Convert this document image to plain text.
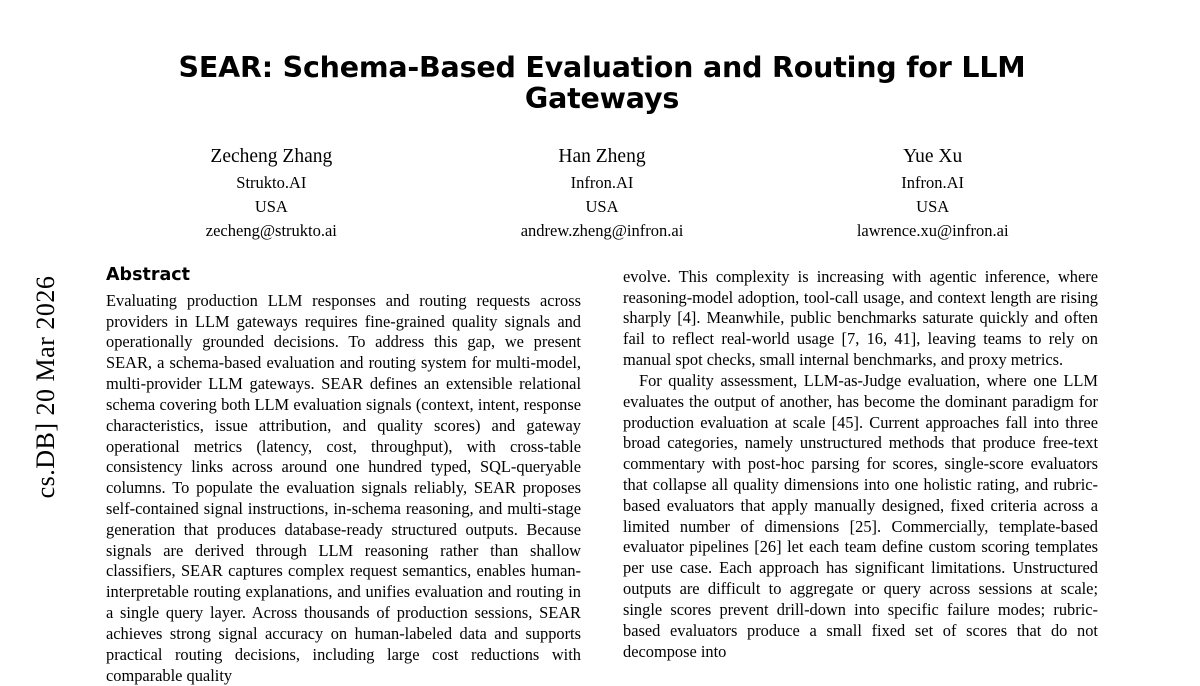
cs.DB] 20 Mar 2026
SEAR: Schema-Based Evaluation and Routing for LLM Gateways
Zecheng Zhang
Strukto.AI
USA
zecheng@strukto.ai
Han Zheng
Infron.AI
USA
andrew.zheng@infron.ai
Yue Xu
Infron.AI
USA
lawrence.xu@infron.ai
Abstract

Evaluating production LLM responses and routing requests across providers in LLM gateways requires fine-grained quality signals and operationally grounded decisions. To address this gap, we present SEAR, a schema-based evaluation and routing system for multi-model, multi-provider LLM gateways. SEAR defines an extensible relational schema covering both LLM evaluation signals (context, intent, response characteristics, issue attribution, and quality scores) and gateway operational metrics (latency, cost, throughput), with cross-table consistency links across around one hundred typed, SQL-queryable columns. To populate the evaluation signals reliably, SEAR proposes self-contained signal instructions, in-schema reasoning, and multi-stage generation that produces database-ready structured outputs. Because signals are derived through LLM reasoning rather than shallow classifiers, SEAR captures complex request semantics, enables human-interpretable routing explanations, and unifies evaluation and routing in a single query layer. Across thousands of production sessions, SEAR achieves strong signal accuracy on human-labeled data and supports practical routing decisions, including large cost reductions with comparable quality

evolve. This complexity is increasing with agentic inference, where reasoning-model adoption, tool-call usage, and context length are rising sharply [4]. Meanwhile, public benchmarks saturate quickly and often fail to reflect real-world usage [7, 16, 41], leaving teams to rely on manual spot checks, small internal benchmarks, and proxy metrics.

For quality assessment, LLM-as-Judge evaluation, where one LLM evaluates the output of another, has become the dominant paradigm for production evaluation at scale [45]. Current approaches fall into three broad categories, namely unstructured methods that produce free-text commentary with post-hoc parsing for scores, single-score evaluators that collapse all quality dimensions into one holistic rating, and rubric-based evaluators that apply manually designed, fixed criteria across a limited number of dimensions [25]. Commercially, template-based evaluator pipelines [26] let each team define custom scoring templates per use case. Each approach has significant limitations. Unstructured outputs are difficult to aggregate or query across sessions at scale; single scores prevent drill-down into specific failure modes; rubric-based evaluators produce a small fixed set of scores that do not decompose into
